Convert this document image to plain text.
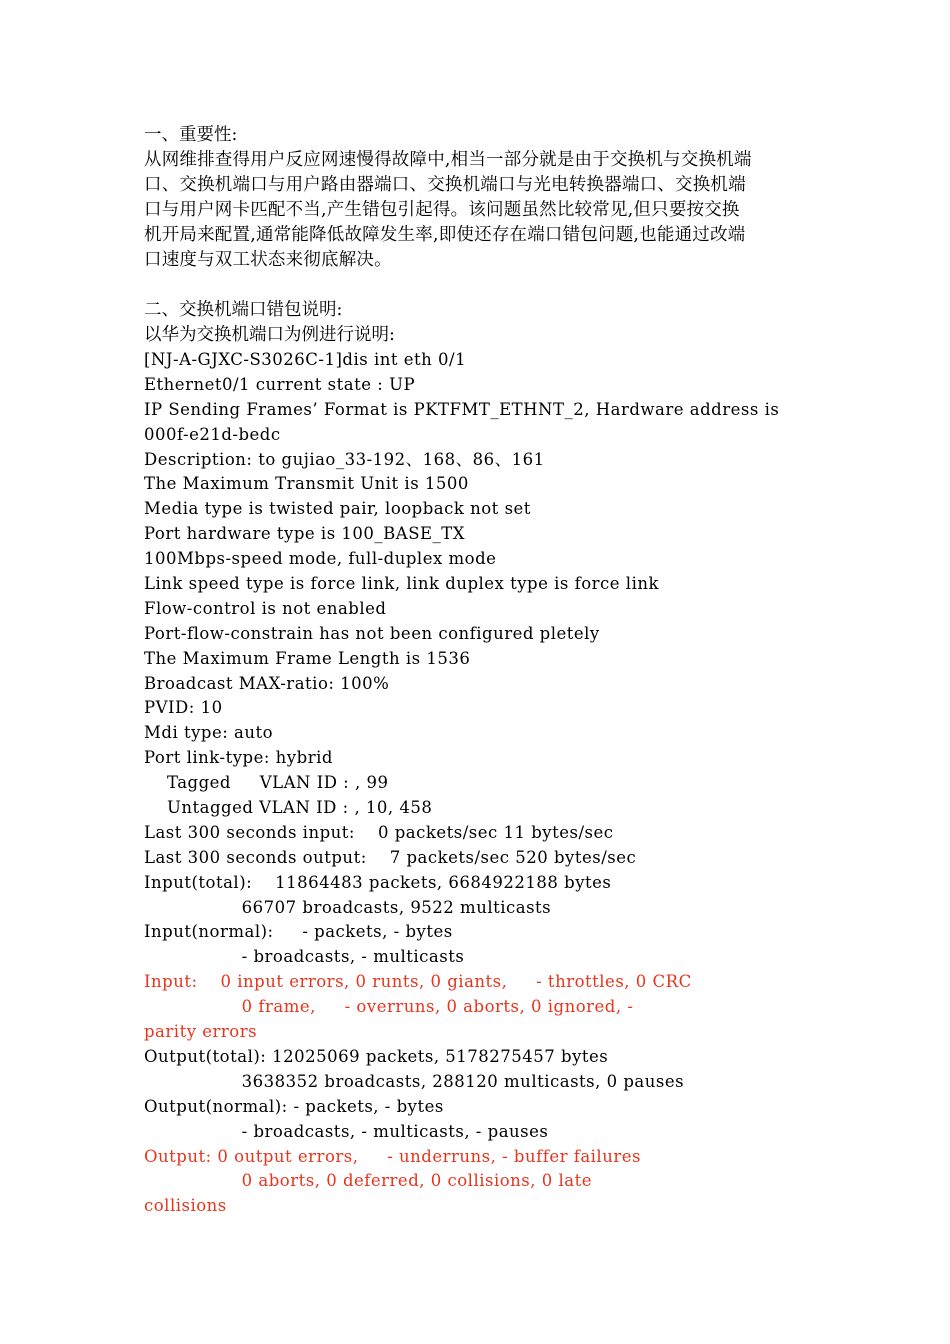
一、重要性:

从网维排查得用户反应网速慢得故障中,相当一部分就是由于交换机与交换机端

口、交换机端口与用户路由器端口、交换机端口与光电转换器端口、交换机端

口与用户网卡匹配不当,产生错包引起得。该问题虽然比较常见,但只要按交换

机开局来配置,通常能降低故障发生率,即使还存在端口错包问题,也能通过改端

口速度与双工状态来彻底解决。

二、交换机端口错包说明:

以华为交换机端口为例进行说明:

[NJ-A-GJXC-S3026C-1]dis int eth 0/1

Ethernet0/1 current state : UP

IP Sending Frames’ Format is PKTFMT_ETHNT_2, Hardware address is

000f-e21d-bedc

Description: to gujiao_33-192、168、86、161

The Maximum Transmit Unit is 1500

Media type is twisted pair, loopback not set

Port hardware type is 100_BASE_TX

100Mbps-speed mode, full-duplex mode

Link speed type is force link, link duplex type is force link

Flow-control is not enabled

Port-flow-constrain has not been configured pletely

The Maximum Frame Length is 1536

Broadcast MAX-ratio: 100%

PVID: 10

Mdi type: auto

Port link-type: hybrid

Tagged     VLAN ID : , 99

Untagged VLAN ID : , 10, 458

Last 300 seconds input:    0 packets/sec 11 bytes/sec

Last 300 seconds output:    7 packets/sec 520 bytes/sec

Input(total):    11864483 packets, 6684922188 bytes

66707 broadcasts, 9522 multicasts

Input(normal):     - packets, - bytes

- broadcasts, - multicasts

Input:    0 input errors, 0 runts, 0 giants,     - throttles, 0 CRC

0 frame,     - overruns, 0 aborts, 0 ignored, -

parity errors

Output(total): 12025069 packets, 5178275457 bytes

3638352 broadcasts, 288120 multicasts, 0 pauses

Output(normal): - packets, - bytes

- broadcasts, - multicasts, - pauses

Output: 0 output errors,     - underruns, - buffer failures

0 aborts, 0 deferred, 0 collisions, 0 late

collisions
